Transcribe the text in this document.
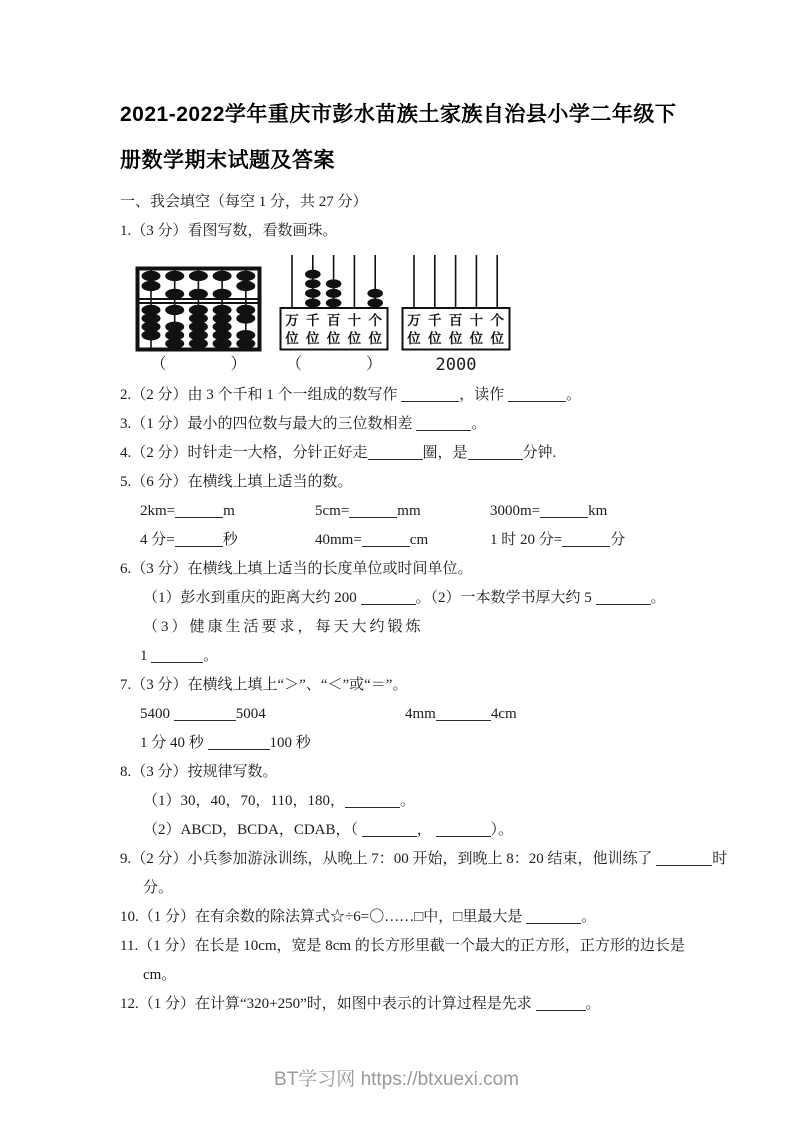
2021-2022学年重庆市彭水苗族土家族自治县小学二年级下
册数学期末试题及答案
一、我会填空（每空 1 分，共 27 分）
1.（3 分）看图写数，看数画珠。
（	）
万
位
千
位
百
位
十
位
个
位
（	）
万
位
千
位
百
位
十
位
个
位
2000
2.（2 分）由 3 个千和 1 个一组成的数写作	，读作	。
3.（1 分）最小的四位数与最大的三位数相差	。
4.（2 分）时针走一大格，分针正好走	圈，是	分钟.
5.（6 分）在横线上填上适当的数。
2km=	m	5cm=	mm	3000m=	km
4 分=	秒	40mm=	cm	1 时 20 分=	分
6.（3 分）在横线上填上适当的长度单位或时间单位。
（1）彭水到重庆的距离大约 200	。（2）一本数学书厚大约 5	。
（3）健康生活要求，每天大约锻炼
1	。
7.（3 分）在横线上填上“＞”、“＜”或“＝”。
5400	5004	4mm	4cm
1 分 40 秒	100 秒
8.（3 分）按规律写数。
（1）30，40，70，110，180，	。
（2）ABCD，BCDA，CDAB，（	，	）。
9.（2 分）小兵参加游泳训练，从晚上 7：00 开始，到晚上 8：20 结束，他训练了	时
分。
10.（1 分）在有余数的除法算式☆÷6=〇……□中，□里最大是	。
11.（1 分）在长是 10cm，宽是 8cm 的长方形里截一个最大的正方形，正方形的边长是
cm。
12.（1 分）在计算“320+250”时，如图中表示的计算过程是先求	。
BT学习网 https://btxuexi.com
